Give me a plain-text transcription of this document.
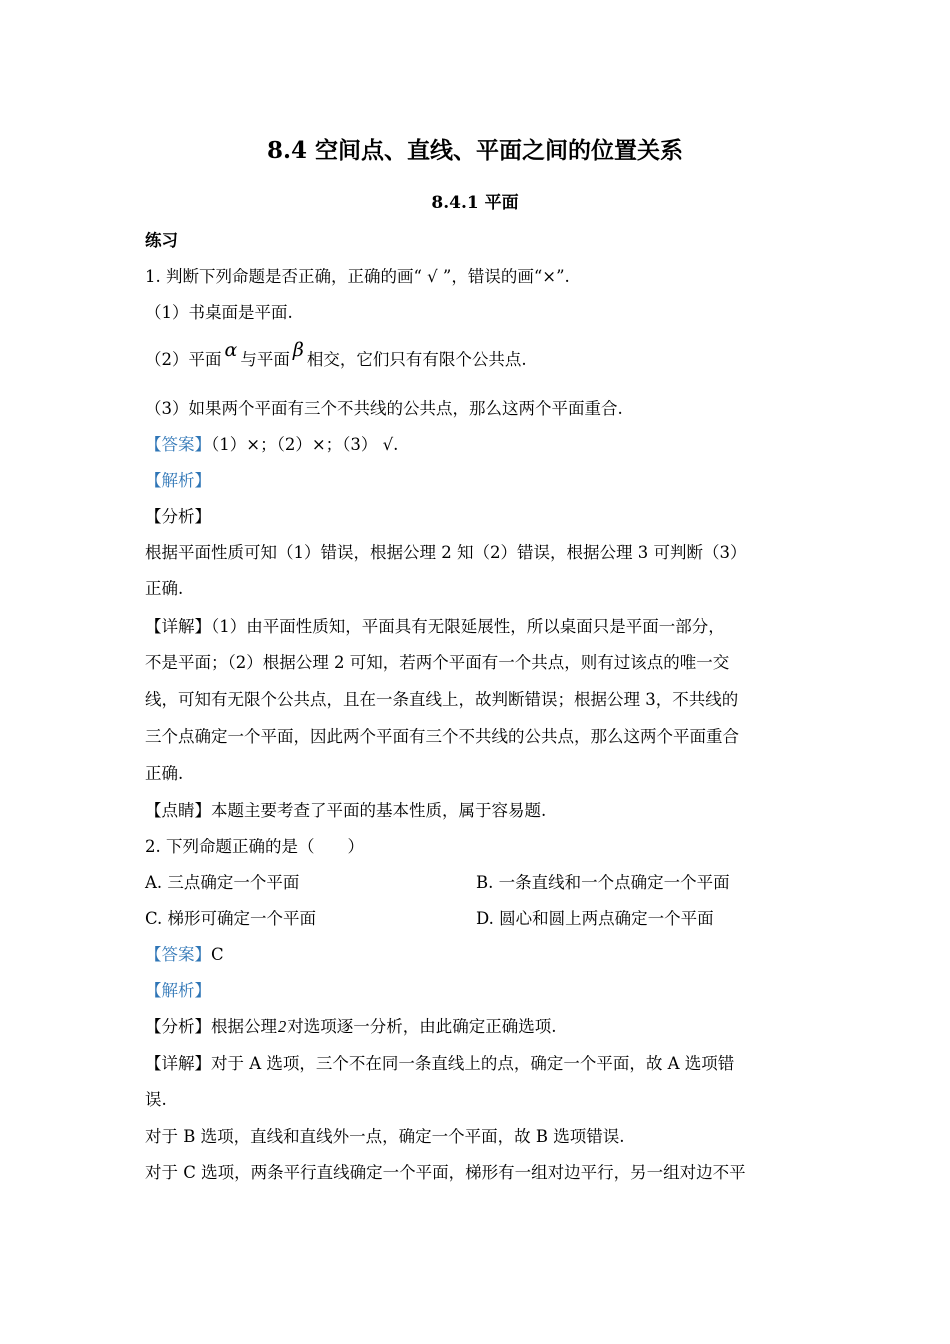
8.4 空间点、直线、平面之间的位置关系
8.4.1 平面
练习
1. 判断下列命题是否正确，正确的画“ √ ”，错误的画“×”.
（1）书桌面是平面.
（2）平面 α 与平面 β 相交，它们只有有限个公共点.
（3）如果两个平面有三个不共线的公共点，那么这两个平面重合.
【答案】（1）×；（2）×；（3） √.
【解析】
【分析】
根据平面性质可知（1）错误，根据公理 2 知（2）错误，根据公理 3 可判断（3）
正确.
【详解】（1）由平面性质知，平面具有无限延展性，所以桌面只是平面一部分，
不是平面；（2）根据公理 2 可知，若两个平面有一个共点，则有过该点的唯一交
线，可知有无限个公共点，且在一条直线上，故判断错误；根据公理 3，不共线的
三个点确定一个平面，因此两个平面有三个不共线的公共点，那么这两个平面重合
正确.
【点睛】本题主要考查了平面的基本性质，属于容易题.
2. 下列命题正确的是（　　）
A. 三点确定一个平面	B. 一条直线和一个点确定一个平面
C. 梯形可确定一个平面	D. 圆心和圆上两点确定一个平面
【答案】C
【解析】
【分析】根据公理2对选项逐一分析，由此确定正确选项.
【详解】对于 A 选项，三个不在同一条直线上的点，确定一个平面，故 A 选项错
误.
对于 B 选项，直线和直线外一点，确定一个平面，故 B 选项错误.
对于 C 选项，两条平行直线确定一个平面，梯形有一组对边平行，另一组对边不平
